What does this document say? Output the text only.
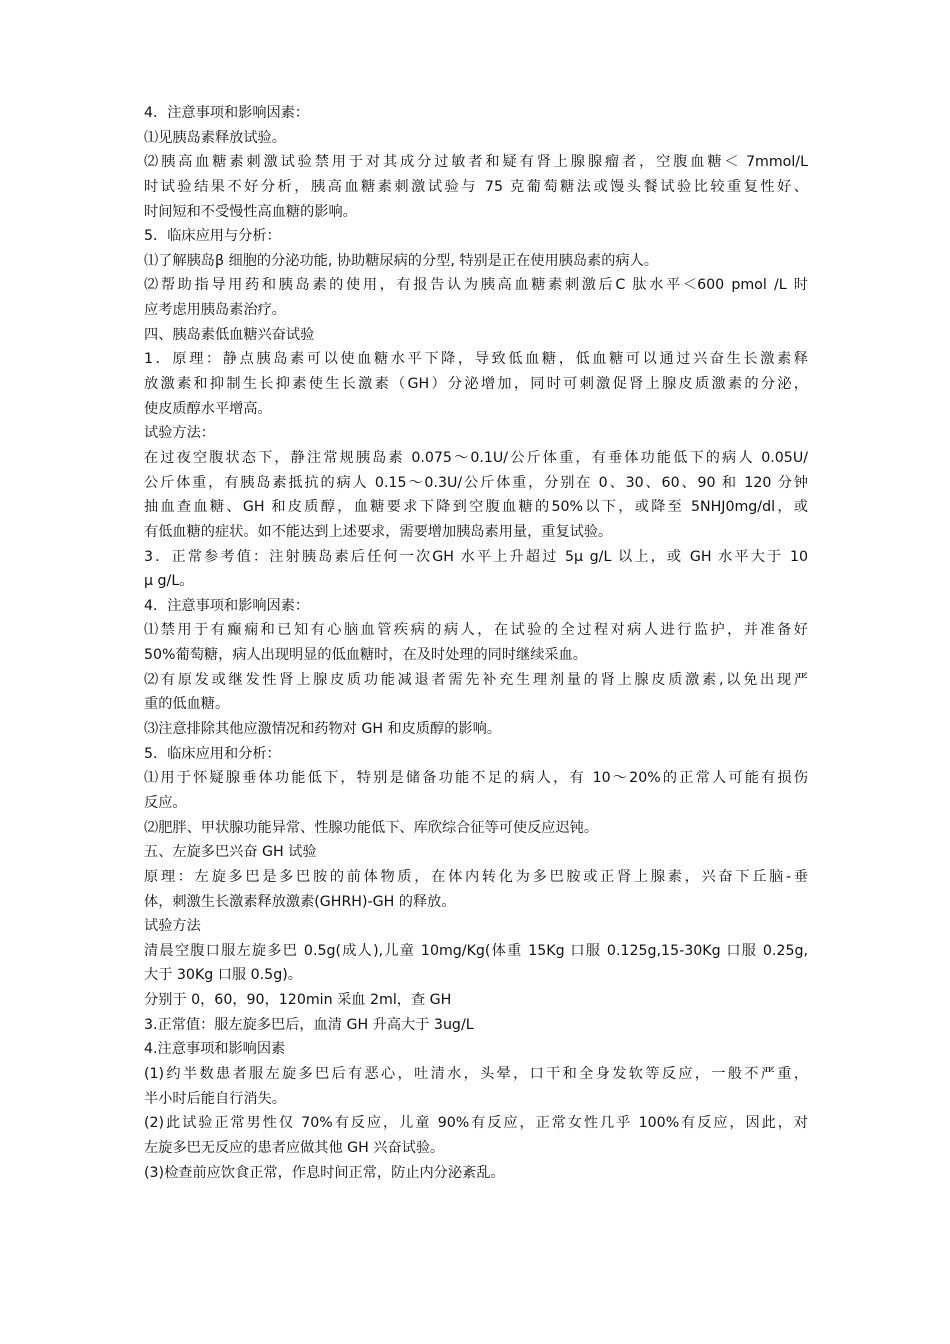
4．注意事项和影响因素：
⑴见胰岛素释放试验。
⑵胰高血糖素刺激试验禁用于对其成分过敏者和疑有肾上腺腺瘤者，空腹血糖＜ 7mmol/L
时试验结果不好分析，胰高血糖素刺激试验与 75 克葡萄糖法或馒头餐试验比较重复性好、
时间短和不受慢性高血糖的影响。
5．临床应用与分析：
⑴了解胰岛β 细胞的分泌功能, 协助糖尿病的分型, 特别是正在使用胰岛素的病人。
⑵帮助指导用药和胰岛素的使用，有报告认为胰高血糖素刺激后C 肽水平＜600 pmol /L 时
应考虑用胰岛素治疗。
四、胰岛素低血糖兴奋试验
1．原理：静点胰岛素可以使血糖水平下降，导致低血糖，低血糖可以通过兴奋生长激素释
放激素和抑制生长抑素使生长激素（GH）分泌增加，同时可刺激促肾上腺皮质激素的分泌，
使皮质醇水平增高。
试验方法：
在过夜空腹状态下，静注常规胰岛素 0.075～0.1U/公斤体重，有垂体功能低下的病人 0.05U/
公斤体重，有胰岛素抵抗的病人 0.15～0.3U/公斤体重，分别在 0、30、60、90 和 120 分钟
抽血查血糖、GH 和皮质醇，血糖要求下降到空腹血糖的50%以下，或降至 5NHJ0mg/dl，或
有低血糖的症状。如不能达到上述要求，需要增加胰岛素用量，重复试验。
3．正常参考值：注射胰岛素后任何一次GH 水平上升超过 5μ g/L 以上，或 GH 水平大于 10
μ g/L。
4．注意事项和影响因素：
⑴禁用于有癫痫和已知有心脑血管疾病的病人，在试验的全过程对病人进行监护，并准备好
50%葡萄糖，病人出现明显的低血糖时，在及时处理的同时继续采血。
⑵有原发或继发性肾上腺皮质功能减退者需先补充生理剂量的肾上腺皮质激素,以免出现严
重的低血糖。
⑶注意排除其他应激情况和药物对 GH 和皮质醇的影响。
5．临床应用和分析：
⑴用于怀疑腺垂体功能低下，特别是储备功能不足的病人，有 10～20%的正常人可能有损伤
反应。
⑵肥胖、甲状腺功能异常、性腺功能低下、库欣综合征等可使反应迟钝。
五、左旋多巴兴奋 GH 试验
原理：左旋多巴是多巴胺的前体物质，在体内转化为多巴胺或正肾上腺素，兴奋下丘脑-垂
体，刺激生长激素释放激素(GHRH)-GH 的释放。
试验方法
清晨空腹口服左旋多巴 0.5g(成人),儿童 10mg/Kg(体重 15Kg 口服 0.125g,15-30Kg 口服 0.25g,
大于 30Kg 口服 0.5g)。
分别于 0，60，90，120min 采血 2ml，查 GH
3.正常值：服左旋多巴后，血清 GH 升高大于 3ug/L
4.注意事项和影响因素
(1)约半数患者服左旋多巴后有恶心，吐清水，头晕，口干和全身发软等反应，一般不严重，
半小时后能自行消失。
(2)此试验正常男性仅 70%有反应，儿童 90%有反应，正常女性几乎 100%有反应，因此，对
左旋多巴无反应的患者应做其他 GH 兴奋试验。
(3)检查前应饮食正常，作息时间正常，防止内分泌紊乱。
